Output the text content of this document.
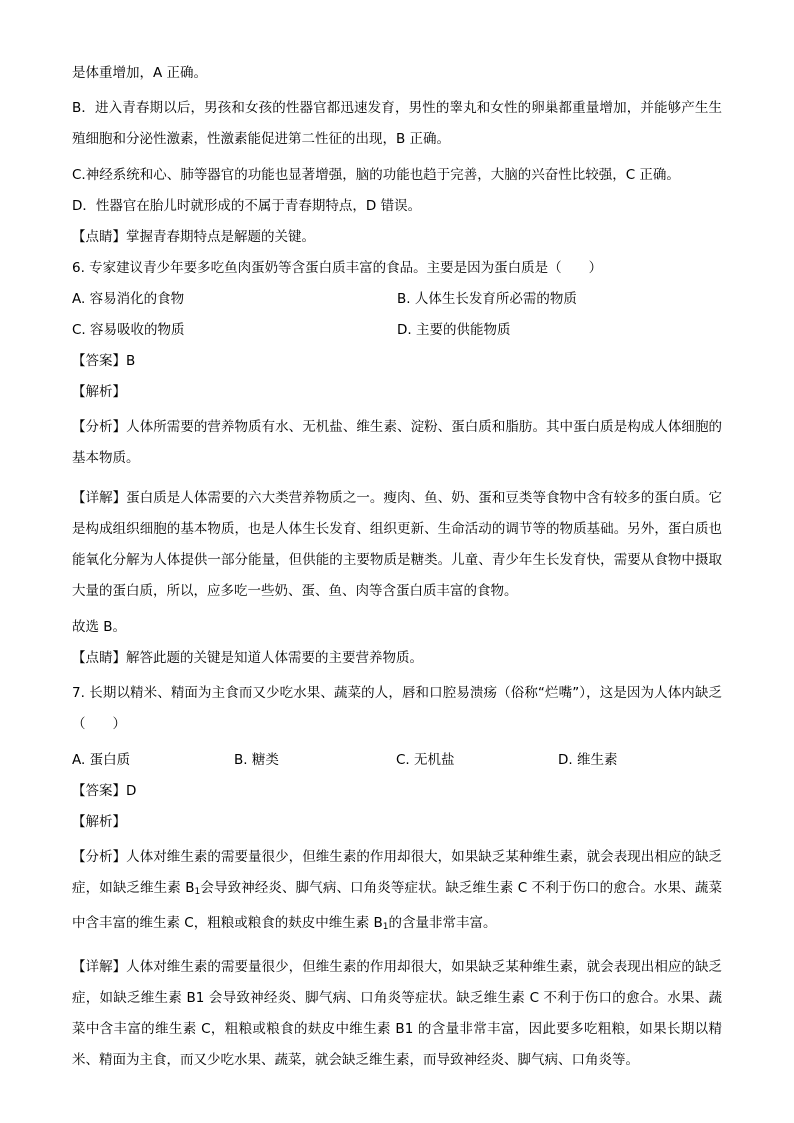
是体重增加，A 正确。

B．进入青春期以后，男孩和女孩的性器官都迅速发育，男性的睾丸和女性的卵巢都重量增加，并能够产生生殖细胞和分泌性激素，性激素能促进第二性征的出现，B 正确。

C.神经系统和心、肺等器官的功能也显著增强，脑的功能也趋于完善，大脑的兴奋性比较强，C 正确。

D．性器官在胎儿时就形成的不属于青春期特点，D 错误。

【点睛】掌握青春期特点是解题的关键。

6. 专家建议青少年要多吃鱼肉蛋奶等含蛋白质丰富的食品。主要是因为蛋白质是（　　）

A. 容易消化的食物	B. 人体生长发育所必需的物质
C. 容易吸收的物质	D. 主要的供能物质

【答案】B

【解析】

【分析】人体所需要的营养物质有水、无机盐、维生素、淀粉、蛋白质和脂肪。其中蛋白质是构成人体细胞的基本物质。

【详解】蛋白质是人体需要的六大类营养物质之一。瘦肉、鱼、奶、蛋和豆类等食物中含有较多的蛋白质。它是构成组织细胞的基本物质，也是人体生长发育、组织更新、生命活动的调节等的物质基础。另外，蛋白质也能氧化分解为人体提供一部分能量，但供能的主要物质是糖类。儿童、青少年生长发育快，需要从食物中摄取大量的蛋白质，所以，应多吃一些奶、蛋、鱼、肉等含蛋白质丰富的食物。

故选 B。

【点睛】解答此题的关键是知道人体需要的主要营养物质。

7. 长期以精米、精面为主食而又少吃水果、蔬菜的人，唇和口腔易溃疡（俗称“烂嘴”），这是因为人体内缺乏（　　）

A. 蛋白质	B. 糖类	C. 无机盐	D. 维生素

【答案】D

【解析】

【分析】人体对维生素的需要量很少，但维生素的作用却很大，如果缺乏某种维生素，就会表现出相应的缺乏症，如缺乏维生素 $B_1$会导致神经炎、脚气病、口角炎等症状。缺乏维生素 C 不利于伤口的愈合。水果、蔬菜中含丰富的维生素 C，粗粮或粮食的麸皮中维生素 $B_1$的含量非常丰富。

【详解】人体对维生素的需要量很少，但维生素的作用却很大，如果缺乏某种维生素，就会表现出相应的缺乏症，如缺乏维生素 B1 会导致神经炎、脚气病、口角炎等症状。缺乏维生素 C 不利于伤口的愈合。水果、蔬菜中含丰富的维生素 C，粗粮或粮食的麸皮中维生素 B1 的含量非常丰富，因此要多吃粗粮，如果长期以精米、精面为主食，而又少吃水果、蔬菜，就会缺乏维生素，而导致神经炎、脚气病、口角炎等。
